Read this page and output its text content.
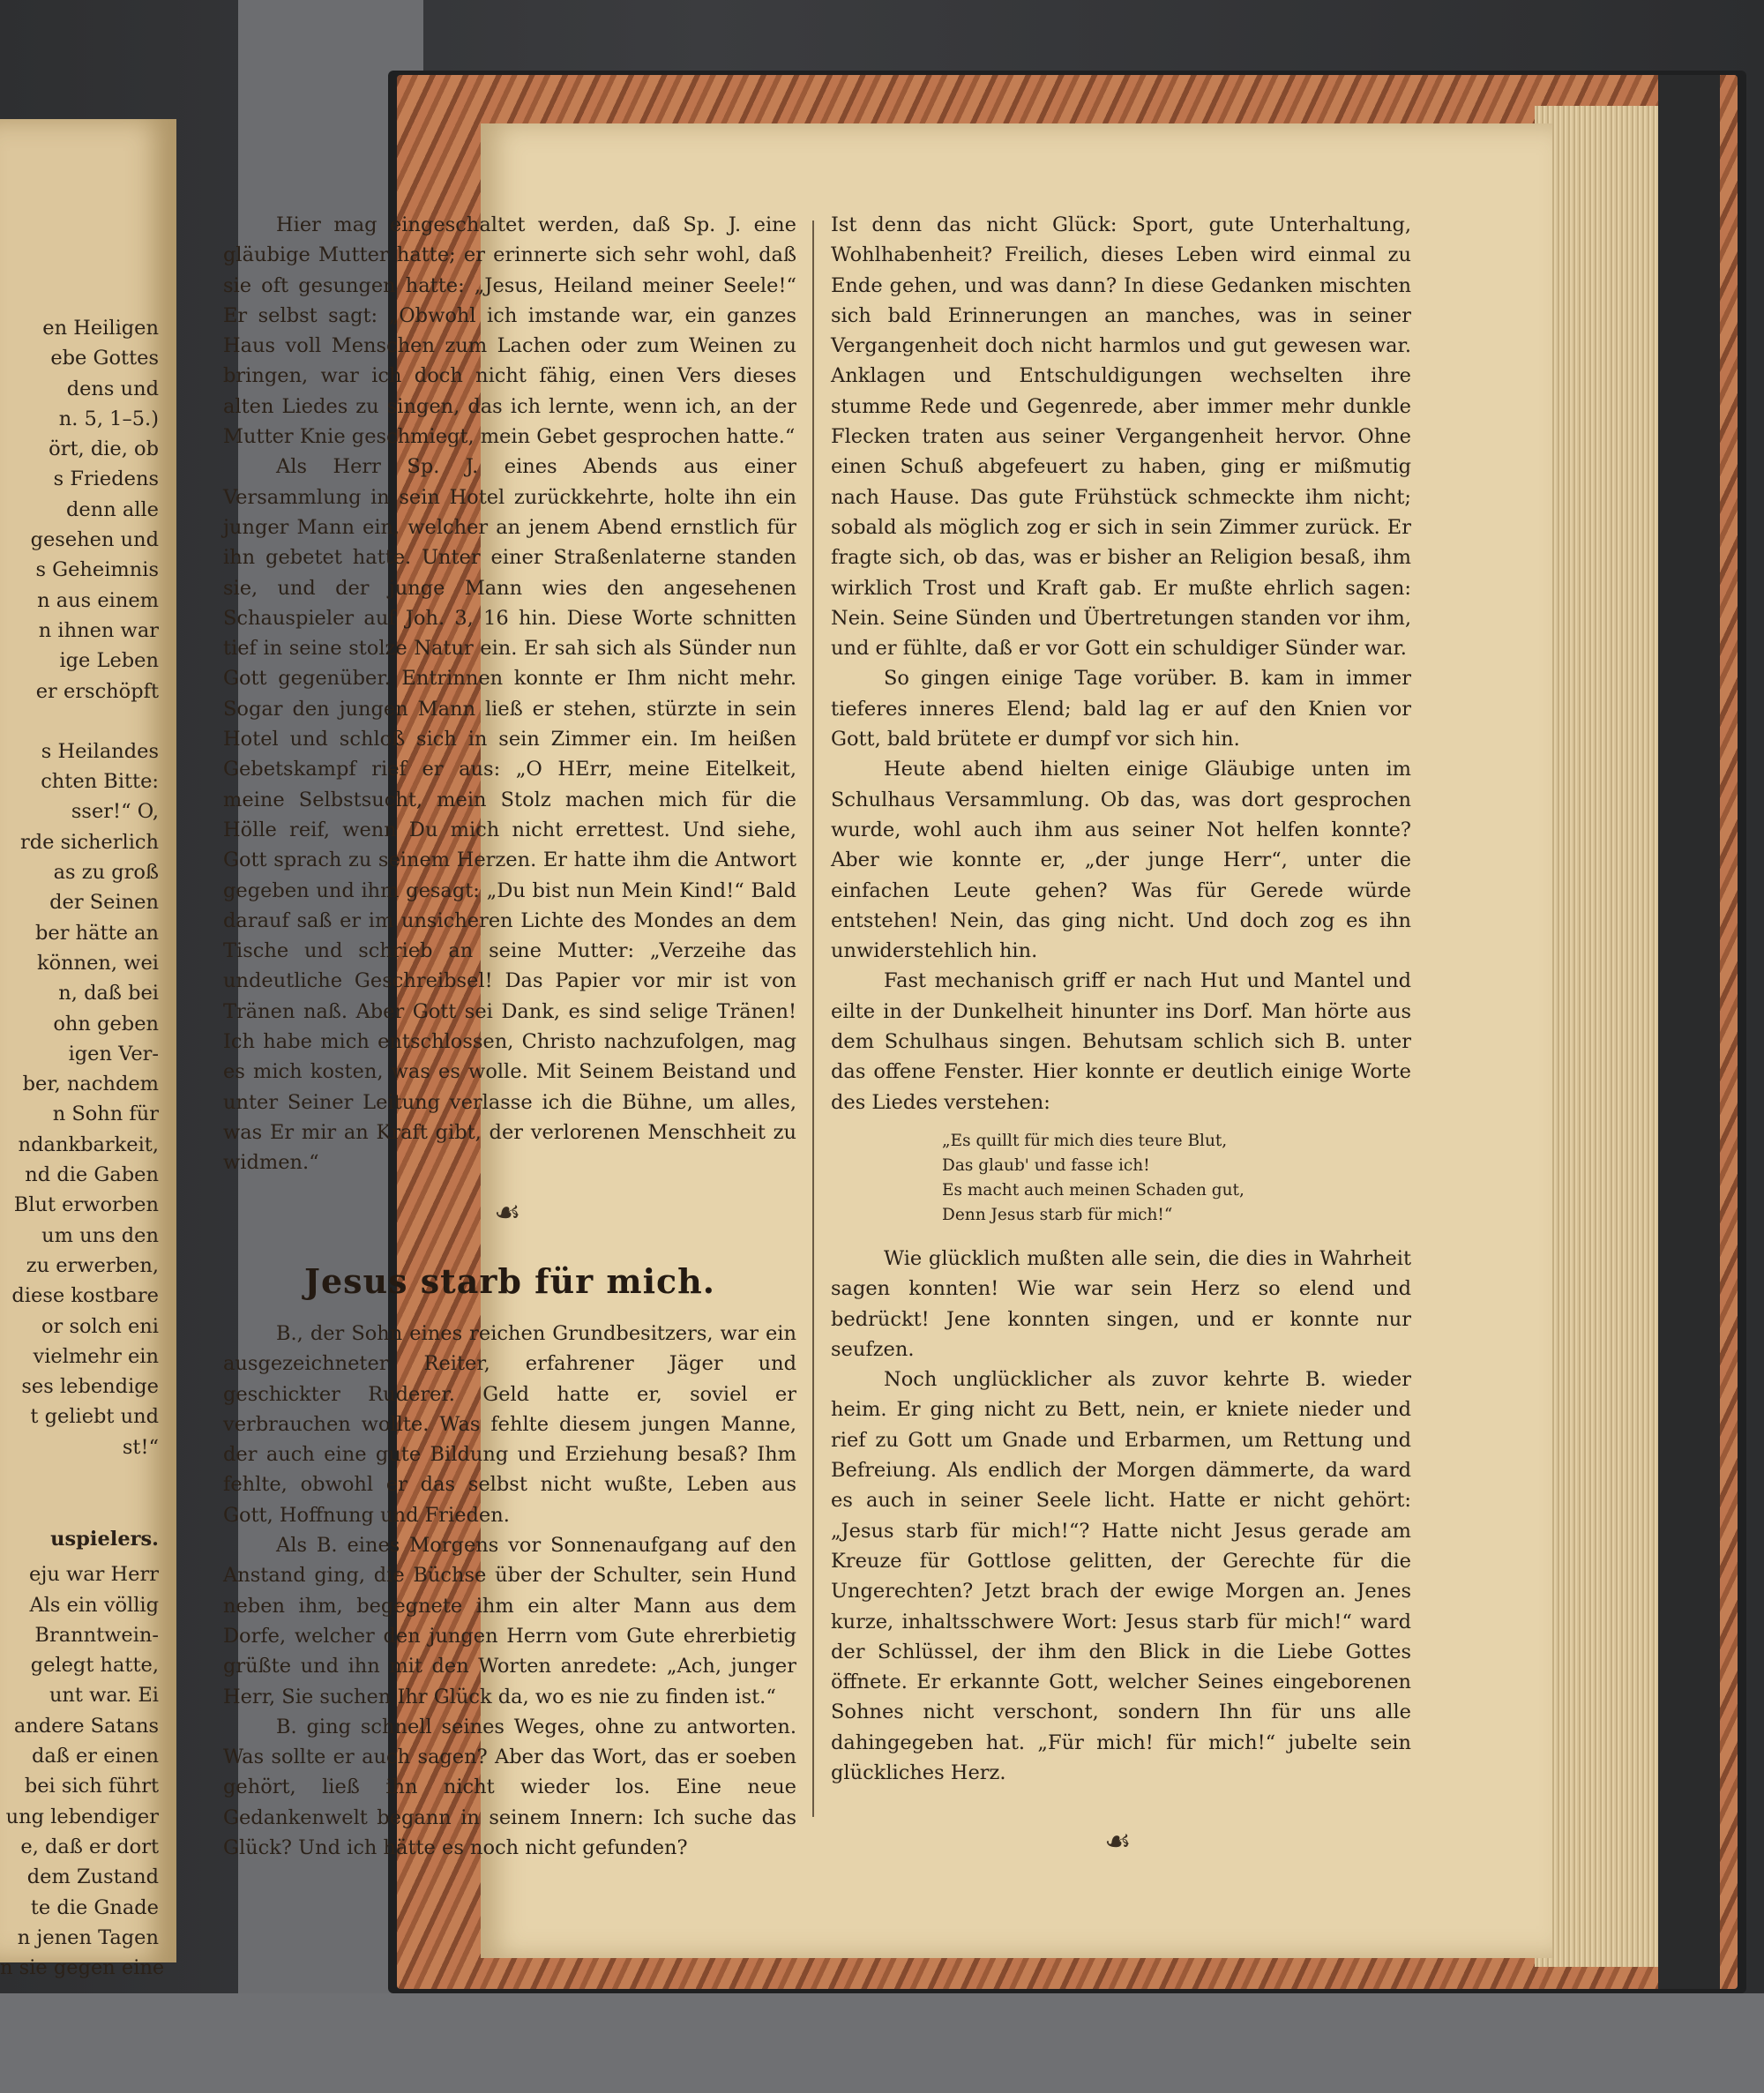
en Heiligen
ebe Gottes
dens und
n. 5, 1–5.)
ört, die, ob
s Friedens
denn alle
gesehen und
s Geheimnis
n aus einem
n ihnen war
ige Leben
er erschöpft
s Heilandes
chten Bitte:
sser!“ O,
rde sicherlich
as zu groß
der Seinen
ber hätte an
können, wei
n, daß bei
ohn geben
igen Ver-
ber, nachdem
n Sohn für
ndankbarkeit,
nd die Gaben
Blut erworben
um uns den
zu erwerben,
diese kostbare
or solch eni
vielmehr ein
ses lebendige
t geliebt und
st!“
uspielers.
eju war Herr
Als ein völlig
Branntwein-
gelegt hatte,
unt war. Ei
andere Satans
daß er einen
bei sich führt
ung lebendiger
e, daß er dort
dem Zustand
te die Gnade
n jenen Tagen
n sie gegen eine

Hier mag eingeschaltet werden, daß Sp. J. eine gläubige Mutter hatte; er erinnerte sich sehr wohl, daß sie oft gesungen hatte: „Jesus, Heiland meiner Seele!“ Er selbst sagt: „Obwohl ich imstande war, ein ganzes Haus voll Menschen zum Lachen oder zum Weinen zu bringen, war ich doch nicht fähig, einen Vers dieses alten Liedes zu singen, das ich lernte, wenn ich, an der Mutter Knie geschmiegt, mein Gebet gesprochen hatte.“

Als Herr Sp. J. eines Abends aus einer Versammlung in sein Hotel zurückkehrte, holte ihn ein junger Mann ein, welcher an jenem Abend ernstlich für ihn gebetet hatte. Unter einer Straßenlaterne standen sie, und der junge Mann wies den angesehenen Schauspieler auf Joh. 3, 16 hin. Diese Worte schnitten tief in seine stolze Natur ein. Er sah sich als Sünder nun Gott gegenüber. Entrinnen konnte er Ihm nicht mehr. Sogar den jungen Mann ließ er stehen, stürzte in sein Hotel und schloß sich in sein Zimmer ein. Im heißen Gebetskampf rief er aus: „O HErr, meine Eitelkeit, meine Selbstsucht, mein Stolz machen mich für die Hölle reif, wenn Du mich nicht errettest. Und siehe, Gott sprach zu seinem Herzen. Er hatte ihm die Antwort gegeben und ihm gesagt: „Du bist nun Mein Kind!“ Bald darauf saß er im unsicheren Lichte des Mondes an dem Tische und schrieb an seine Mutter: „Verzeihe das undeutliche Geschreibsel! Das Papier vor mir ist von Tränen naß. Aber Gott sei Dank, es sind selige Tränen! Ich habe mich entschlossen, Christo nachzufolgen, mag es mich kosten, was es wolle. Mit Seinem Beistand und unter Seiner Leitung verlasse ich die Bühne, um alles, was Er mir an Kraft gibt, der verlorenen Menschheit zu widmen.“

☙
Jesus starb für mich.

B., der Sohn eines reichen Grundbesitzers, war ein ausgezeichneter Reiter, erfahrener Jäger und geschickter Ruderer. Geld hatte er, soviel er verbrauchen wollte. Was fehlte diesem jungen Manne, der auch eine gute Bildung und Erziehung besaß? Ihm fehlte, obwohl er das selbst nicht wußte, Leben aus Gott, Hoffnung und Frieden.

Als B. eines Morgens vor Sonnenaufgang auf den Anstand ging, die Büchse über der Schulter, sein Hund neben ihm, begegnete ihm ein alter Mann aus dem Dorfe, welcher den jungen Herrn vom Gute ehrerbietig grüßte und ihn mit den Worten anredete: „Ach, junger Herr, Sie suchen Ihr Glück da, wo es nie zu finden ist.“

B. ging schnell seines Weges, ohne zu antworten. Was sollte er auch sagen? Aber das Wort, das er soeben gehört, ließ ihn nicht wieder los. Eine neue Gedankenwelt begann in seinem Innern: Ich suche das Glück? Und ich hätte es noch nicht gefunden?

Ist denn das nicht Glück: Sport, gute Unterhaltung, Wohlhabenheit? Freilich, dieses Leben wird einmal zu Ende gehen, und was dann? In diese Gedanken mischten sich bald Erinnerungen an manches, was in seiner Vergangenheit doch nicht harmlos und gut gewesen war. Anklagen und Entschuldigungen wechselten ihre stumme Rede und Gegenrede, aber immer mehr dunkle Flecken traten aus seiner Vergangenheit hervor. Ohne einen Schuß abgefeuert zu haben, ging er mißmutig nach Hause. Das gute Frühstück schmeckte ihm nicht; sobald als möglich zog er sich in sein Zimmer zurück. Er fragte sich, ob das, was er bisher an Religion besaß, ihm wirklich Trost und Kraft gab. Er mußte ehrlich sagen: Nein. Seine Sünden und Übertretungen standen vor ihm, und er fühlte, daß er vor Gott ein schuldiger Sünder war.

So gingen einige Tage vorüber. B. kam in immer tieferes inneres Elend; bald lag er auf den Knien vor Gott, bald brütete er dumpf vor sich hin.

Heute abend hielten einige Gläubige unten im Schulhaus Versammlung. Ob das, was dort gesprochen wurde, wohl auch ihm aus seiner Not helfen konnte? Aber wie konnte er, „der junge Herr“, unter die einfachen Leute gehen? Was für Gerede würde entstehen! Nein, das ging nicht. Und doch zog es ihn unwiderstehlich hin.

Fast mechanisch griff er nach Hut und Mantel und eilte in der Dunkelheit hinunter ins Dorf. Man hörte aus dem Schulhaus singen. Behutsam schlich sich B. unter das offene Fenster. Hier konnte er deutlich einige Worte des Liedes verstehen:

„Es quillt für mich dies teure Blut,
Das glaub' und fasse ich!
Es macht auch meinen Schaden gut,
Denn Jesus starb für mich!“

Wie glücklich mußten alle sein, die dies in Wahrheit sagen konnten! Wie war sein Herz so elend und bedrückt! Jene konnten singen, und er konnte nur seufzen.

Noch unglücklicher als zuvor kehrte B. wieder heim. Er ging nicht zu Bett, nein, er kniete nieder und rief zu Gott um Gnade und Erbarmen, um Rettung und Befreiung. Als endlich der Morgen dämmerte, da ward es auch in seiner Seele licht. Hatte er nicht gehört: „Jesus starb für mich!“? Hatte nicht Jesus gerade am Kreuze für Gottlose gelitten, der Gerechte für die Ungerechten? Jetzt brach der ewige Morgen an. Jenes kurze, inhaltsschwere Wort: Jesus starb für mich!“ ward der Schlüssel, der ihm den Blick in die Liebe Gottes öffnete. Er erkannte Gott, welcher Seines eingeborenen Sohnes nicht verschont, sondern Ihn für uns alle dahingegeben hat. „Für mich! für mich!“ jubelte sein glückliches Herz.

☙
